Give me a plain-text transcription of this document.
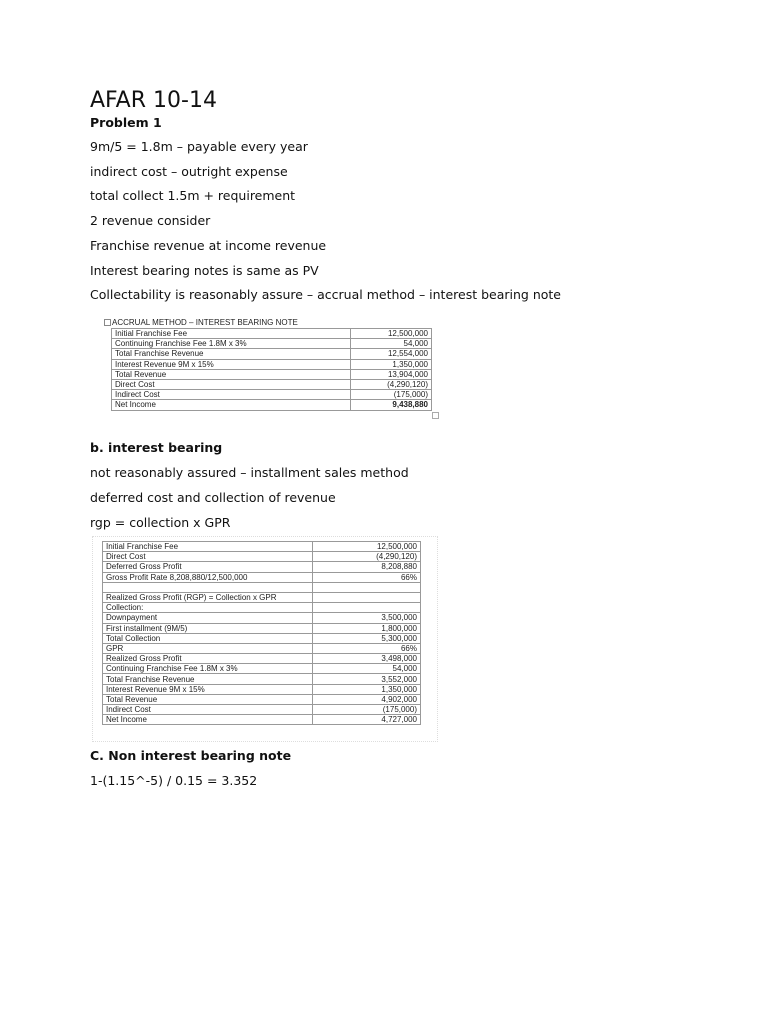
AFAR 10-14
Problem 1
9m/5 = 1.8m – payable every year
indirect cost – outright expense
total collect 1.5m + requirement
2 revenue consider
Franchise revenue at income revenue
Interest bearing notes is same as PV
Collectability is reasonably assure – accrual method – interest bearing note
ACCRUAL METHOD – INTEREST BEARING NOTE
Initial Franchise Fee	12,500,000
Continuing Franchise Fee 1.8M x 3%	54,000
Total Franchise Revenue	12,554,000
Interest Revenue 9M x 15%	1,350,000
Total Revenue	13,904,000
Direct Cost	(4,290,120)
Indirect Cost	(175,000)
Net Income	9,438,880
b. interest bearing
not reasonably assured – installment sales method
deferred cost and collection of revenue
rgp = collection x GPR
Initial Franchise Fee	12,500,000
Direct Cost	(4,290,120)
Deferred Gross Profit	8,208,880
Gross Profit Rate 8,208,880/12,500,000	66%

Realized Gross Profit (RGP) = Collection x GPR	
Collection:	
Downpayment	3,500,000
First installment (9M/5)	1,800,000
Total Collection	5,300,000
GPR	66%
Realized Gross Profit	3,498,000
Continuing Franchise Fee 1.8M x 3%	54,000
Total Franchise Revenue	3,552,000
Interest Revenue 9M x 15%	1,350,000
Total Revenue	4,902,000
Indirect Cost	(175,000)
Net Income	4,727,000
C. Non interest bearing note
1-(1.15^-5) / 0.15 = 3.352
